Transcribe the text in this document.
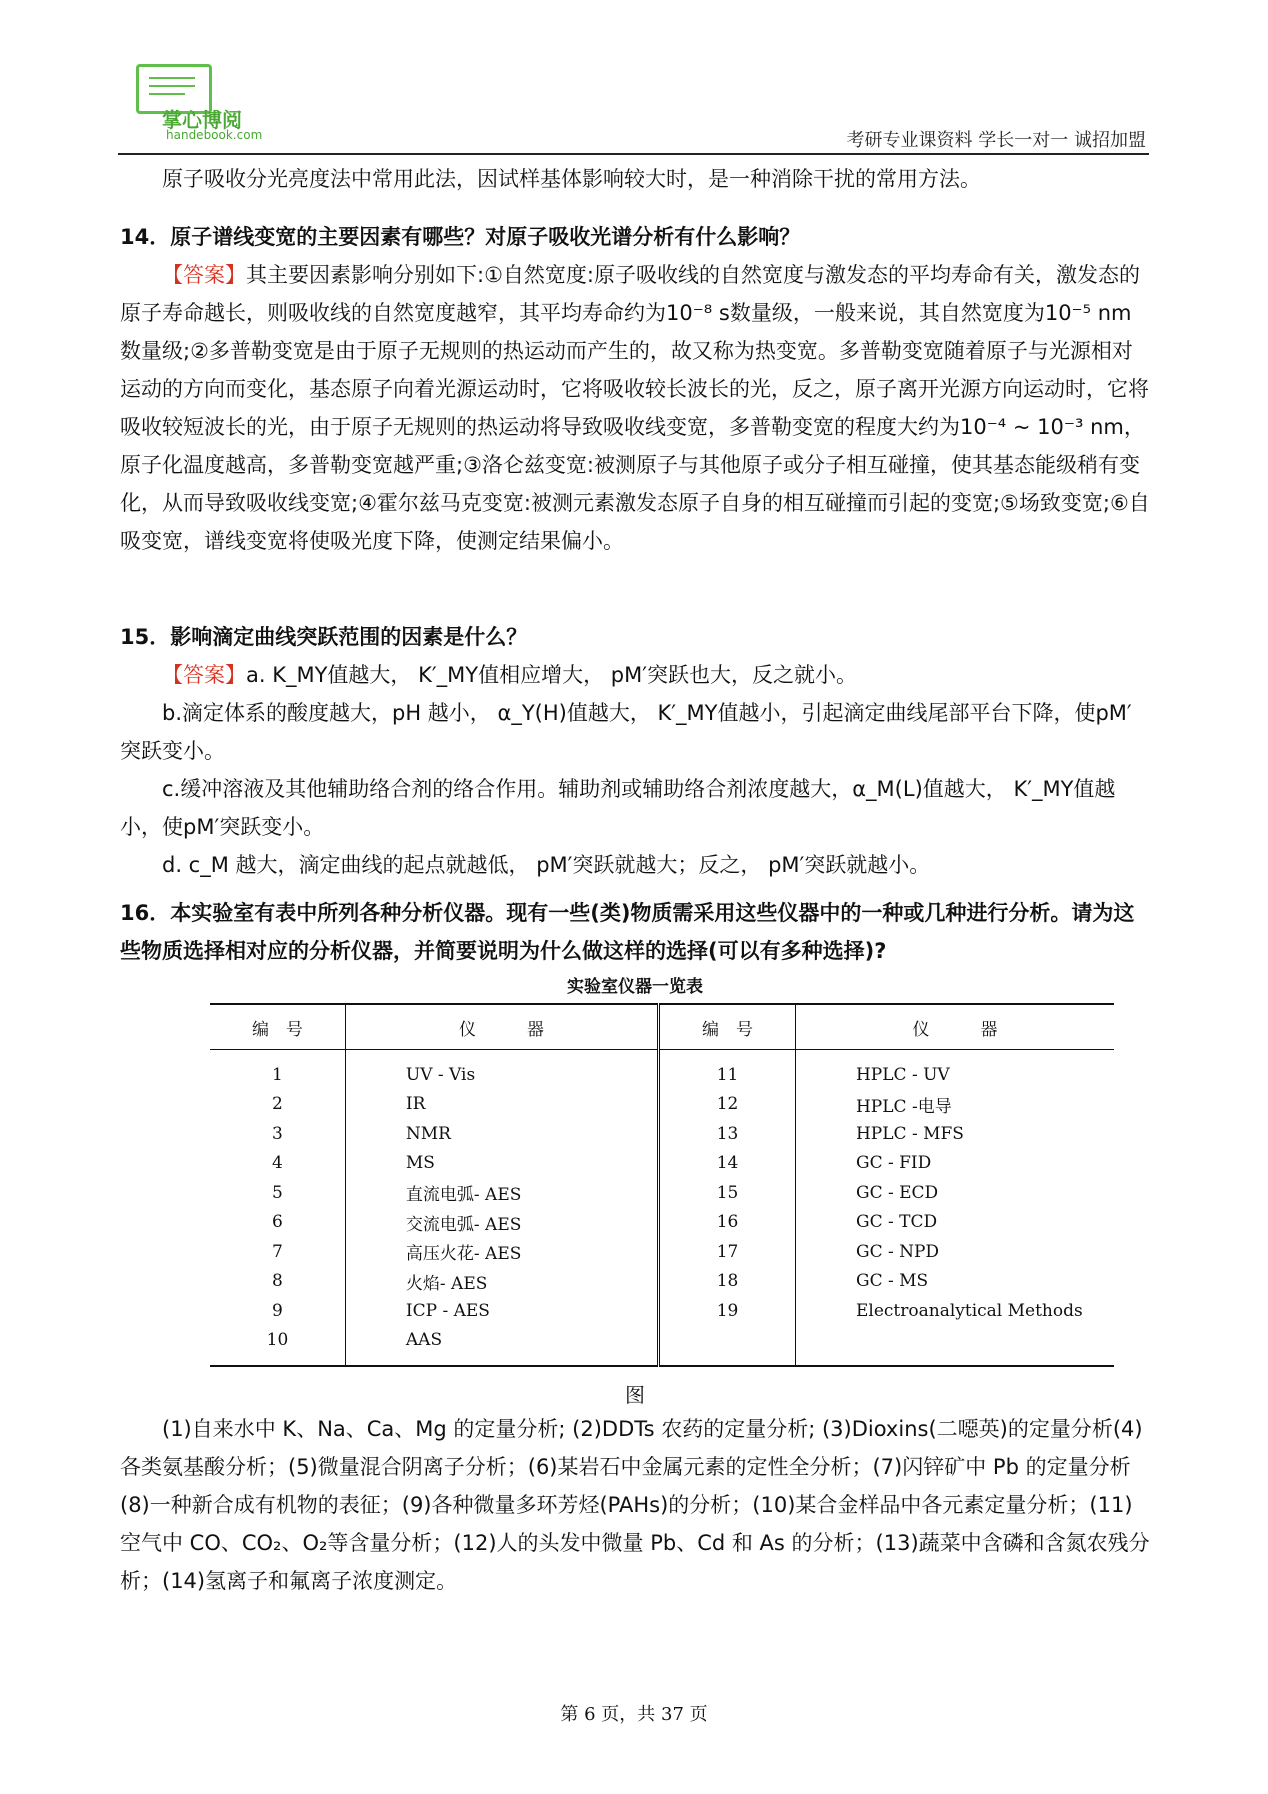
掌心博阅
handebook.com	考研专业课资料 学长一对一 诚招加盟

原子吸收分光亮度法中常用此法，因试样基体影响较大时，是一种消除干扰的常用方法。

14．原子谱线变宽的主要因素有哪些？对原子吸收光谱分析有什么影响？

【答案】其主要因素影响分别如下:①自然宽度:原子吸收线的自然宽度与激发态的平均寿命有关，激发态的原子寿命越长，则吸收线的自然宽度越窄，其平均寿命约为10⁻⁸ s数量级，一般来说，其自然宽度为10⁻⁵ nm数量级;②多普勒变宽是由于原子无规则的热运动而产生的，故又称为热变宽。多普勒变宽随着原子与光源相对运动的方向而变化，基态原子向着光源运动时，它将吸收较长波长的光，反之，原子离开光源方向运动时，它将吸收较短波长的光，由于原子无规则的热运动将导致吸收线变宽，多普勒变宽的程度大约为10⁻⁴ ~ 10⁻³ nm，原子化温度越高，多普勒变宽越严重;③洛仑兹变宽:被测原子与其他原子或分子相互碰撞，使其基态能级稍有变化，从而导致吸收线变宽;④霍尔兹马克变宽:被测元素激发态原子自身的相互碰撞而引起的变宽;⑤场致变宽;⑥自吸变宽，谱线变宽将使吸光度下降，使测定结果偏小。

15．影响滴定曲线突跃范围的因素是什么？

【答案】a. K_MY值越大， K′_MY值相应增大， pM′突跃也大，反之就小。

b.滴定体系的酸度越大，pH 越小， α_Y(H)值越大， K′_MY值越小，引起滴定曲线尾部平台下降，使pM′突跃变小。

c.缓冲溶液及其他辅助络合剂的络合作用。辅助剂或辅助络合剂浓度越大，α_M(L)值越大， K′_MY值越小，使pM′突跃变小。

d. c_M 越大，滴定曲线的起点就越低， pM′突跃就越大；反之， pM′突跃就越小。

16．本实验室有表中所列各种分析仪器。现有一些(类)物质需采用这些仪器中的一种或几种进行分析。请为这些物质选择相对应的分析仪器，并简要说明为什么做这样的选择(可以有多种选择)?

实验室仪器一览表
编　号	仪　　　器	编　号	仪　　　器
1	UV - Vis	11	HPLC - UV
2	IR	12	HPLC -电导
3	NMR	13	HPLC - MFS
4	MS	14	GC - FID
5	直流电弧- AES	15	GC - ECD
6	交流电弧- AES	16	GC - TCD
7	高压火花- AES	17	GC - NPD
8	火焰- AES	18	GC - MS
9	ICP - AES	19	Electroanalytical Methods
10	AAS		
图

(1)自来水中 K、Na、Ca、Mg 的定量分析; (2)DDTs 农药的定量分析; (3)Dioxins(二噁英)的定量分析(4)各类氨基酸分析；(5)微量混合阴离子分析；(6)某岩石中金属元素的定性全分析；(7)闪锌矿中 Pb 的定量分析(8)一种新合成有机物的表征；(9)各种微量多环芳烃(PAHs)的分析；(10)某合金样品中各元素定量分析；(11)空气中 CO、CO₂、O₂等含量分析；(12)人的头发中微量 Pb、Cd 和 As 的分析；(13)蔬菜中含磷和含氮农残分析；(14)氢离子和氟离子浓度测定。

第 6 页，共 37 页
